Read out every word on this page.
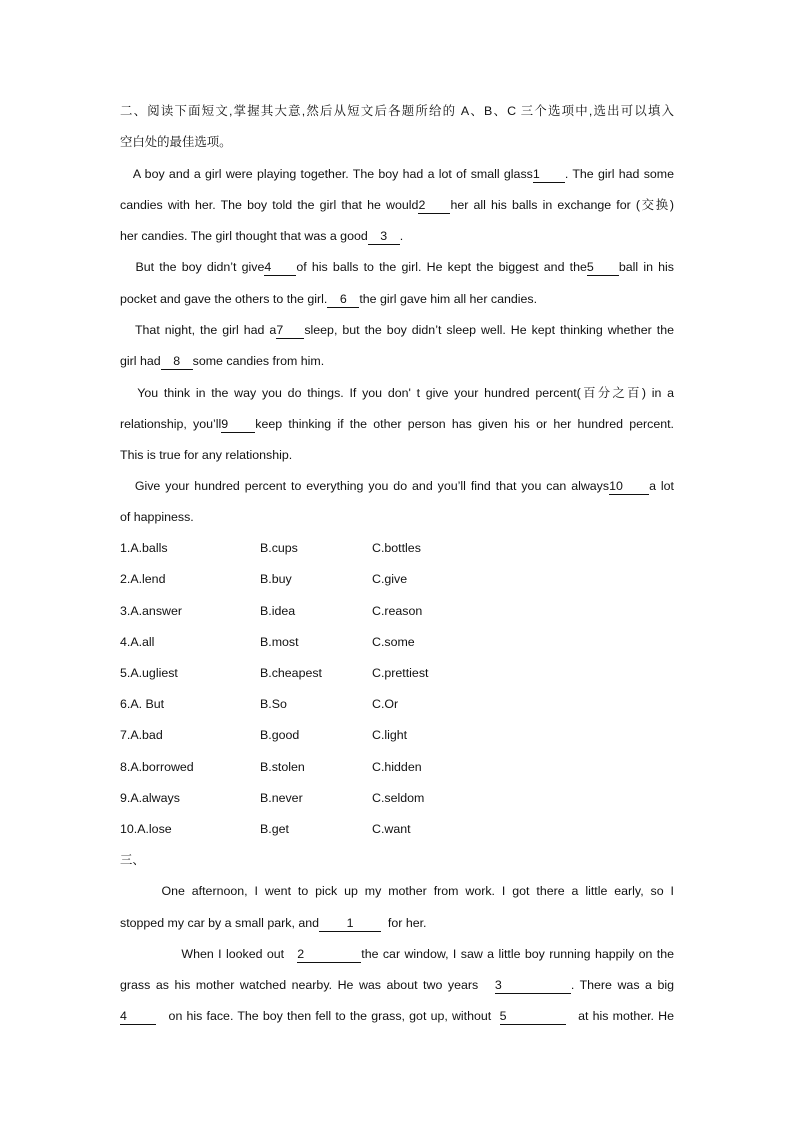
二、阅读下面短文,掌握其大意,然后从短文后各题所给的 A、B、C 三个选项中,选出可以填入
空白处的最佳选项。
A boy and a girl were playing together. The boy had a lot of small glass1 . The girl had some
candies with her. The boy told the girl that he would2 her all his balls in exchange for (交换)
her candies. The girl thought that was a good 3 .
But the boy didn’t give4 of his balls to the girl. He kept the biggest and the5 ball in his
pocket and gave the others to the girl. 6 the girl gave him all her candies.
That night, the girl had a7 sleep, but the boy didn’t sleep well. He kept thinking whether the
girl had 8 some candies from him.
You think in the way you do things. If you don' t give your hundred percent(百分之百) in a
relationship, you’ll9 keep thinking if the other person has given his or her hundred percent.
This is true for any relationship.
Give your hundred percent to everything you do and you’ll find that you can always10 a lot
of happiness.
1.A.balls	B.cups	C.bottles
2.A.lend	B.buy	C.give
3.A.answer	B.idea	C.reason
4.A.all	B.most	C.some
5.A.ugliest	B.cheapest	C.prettiest
6.A. But	B.So	C.Or
7.A.bad	B.good	C.light
8.A.borrowed	B.stolen	C.hidden
9.A.always	B.never	C.seldom
10.A.lose	B.get	C.want
三、
One afternoon, I went to pick up my mother from work. I got there a little early, so I
stopped my car by a small park, and 1	for her.
When I looked out 2	the car window, I saw a little boy running happily on the
grass as his mother watched nearby. He was about two years 3	. There was a big
4	on his face. The boy then fell to the grass, got up, without 5	at his mother. He
